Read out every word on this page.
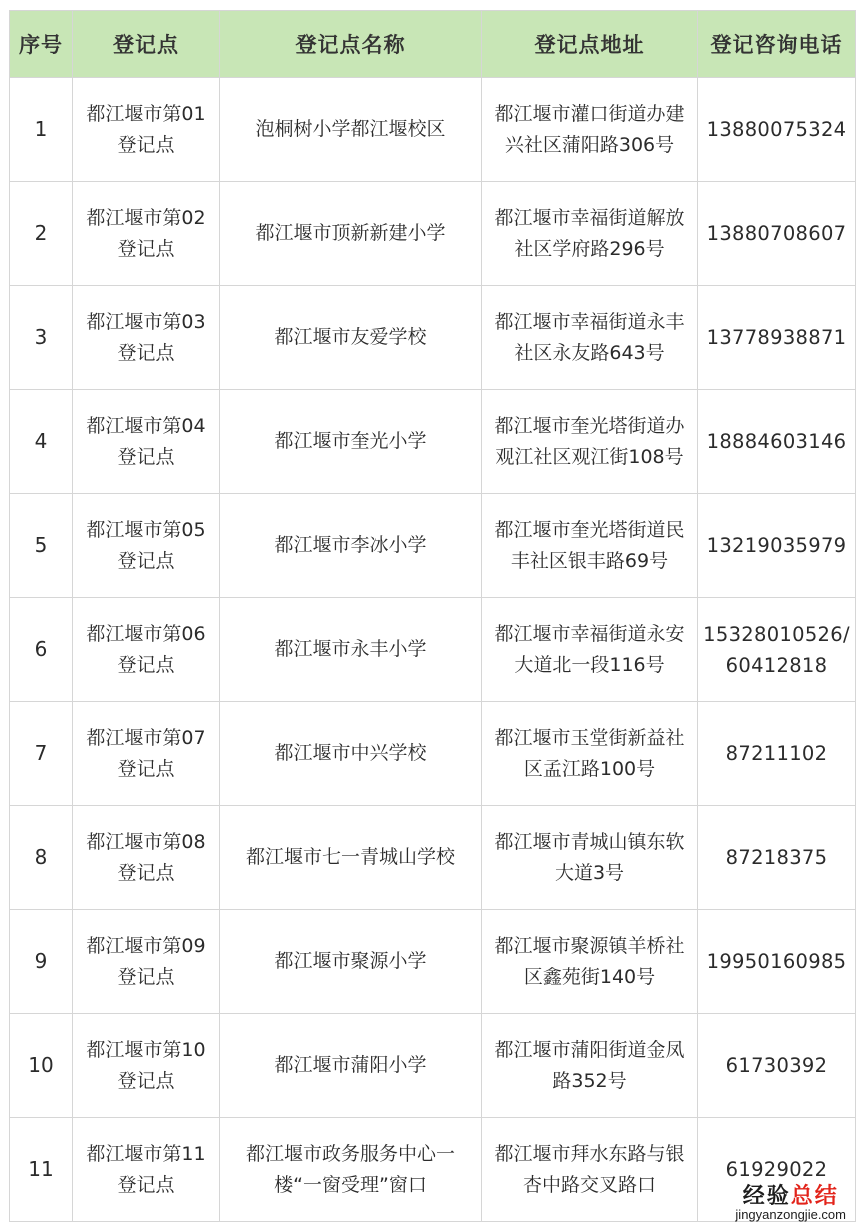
序号	登记点	登记点名称	登记点地址	登记咨询电话
1	都江堰市第01登记点	泡桐树小学都江堰校区	都江堰市灌口街道办建兴社区蒲阳路306号	13880075324
2	都江堰市第02登记点	都江堰市顶新新建小学	都江堰市幸福街道解放社区学府路296号	13880708607
3	都江堰市第03登记点	都江堰市友爱学校	都江堰市幸福街道永丰社区永友路643号	13778938871
4	都江堰市第04登记点	都江堰市奎光小学	都江堰市奎光塔街道办观江社区观江街108号	18884603146
5	都江堰市第05登记点	都江堰市李冰小学	都江堰市奎光塔街道民丰社区银丰路69号	13219035979
6	都江堰市第06登记点	都江堰市永丰小学	都江堰市幸福街道永安大道北一段116号	15328010526/60412818
7	都江堰市第07登记点	都江堰市中兴学校	都江堰市玉堂街新益社区孟江路100号	87211102
8	都江堰市第08登记点	都江堰市七一青城山学校	都江堰市青城山镇东软大道3号	87218375
9	都江堰市第09登记点	都江堰市聚源小学	都江堰市聚源镇羊桥社区鑫苑街140号	19950160985
10	都江堰市第10登记点	都江堰市蒲阳小学	都江堰市蒲阳街道金凤路352号	61730392
11	都江堰市第11登记点	都江堰市政务服务中心一楼“一窗受理”窗口	都江堰市拜水东路与银杏中路交叉路口	61929022
经验总结
jingyanzongjie.com
